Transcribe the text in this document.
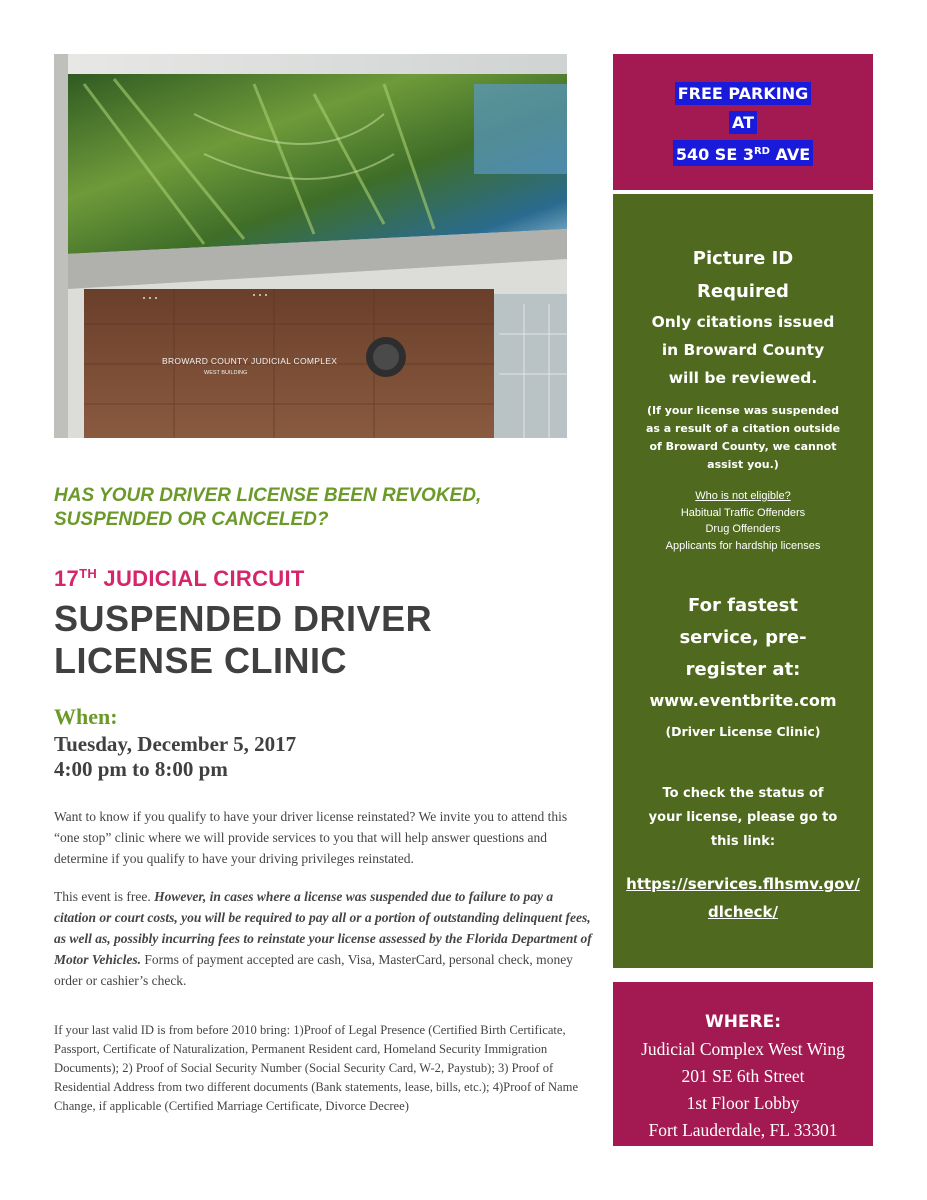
BROWARD COUNTY JUDICIAL COMPLEX
WEST BUILDING
HAS YOUR DRIVER LICENSE BEEN REVOKED,
SUSPENDED OR CANCELED?
17TH JUDICIAL CIRCUIT
SUSPENDED DRIVER
LICENSE CLINIC
When:
Tuesday, December 5, 2017
4:00 pm to 8:00 pm
Want to know if you qualify to have your driver license reinstated? We invite you to attend this “one stop” clinic where we will provide services to you that will help answer questions and determine if you qualify to have your driving privileges reinstated.
This event is free. However, in cases where a license was suspended due to failure to pay a citation or court costs, you will be required to pay all or a portion of outstanding delinquent fees, as well as, possibly incurring fees to reinstate your license assessed by the Florida Department of Motor Vehicles. Forms of payment accepted are cash, Visa, MasterCard, personal check, money order or cashier’s check.
If your last valid ID is from before 2010 bring: 1)Proof of Legal Presence (Certified Birth Certificate, Passport, Certificate of Naturalization, Permanent Resident card, Homeland Security Immigration Documents); 2) Proof of Social Security Number (Social Security Card, W-2, Paystub); 3) Proof of Residential Address from two different documents (Bank statements, lease, bills, etc.); 4)Proof of Name Change, if applicable (Certified Marriage Certificate, Divorce Decree)
FREE PARKING
AT
540 SE 3RD AVE
Picture ID
Required
Only citations issued
in Broward County
will be reviewed.
(If your license was suspended
as a result of a citation outside
of Broward County, we cannot
assist you.)
Who is not eligible?
Habitual Traffic Offenders
Drug Offenders
Applicants for hardship licenses
For fastest
service, pre-
register at:
www.eventbrite.com
(Driver License Clinic)
To check the status of
your license, please go to
this link:
https://services.flhsmv.gov/
dlcheck/
WHERE:
Judicial Complex West Wing
201 SE 6th Street
1st Floor Lobby
Fort Lauderdale, FL 33301
